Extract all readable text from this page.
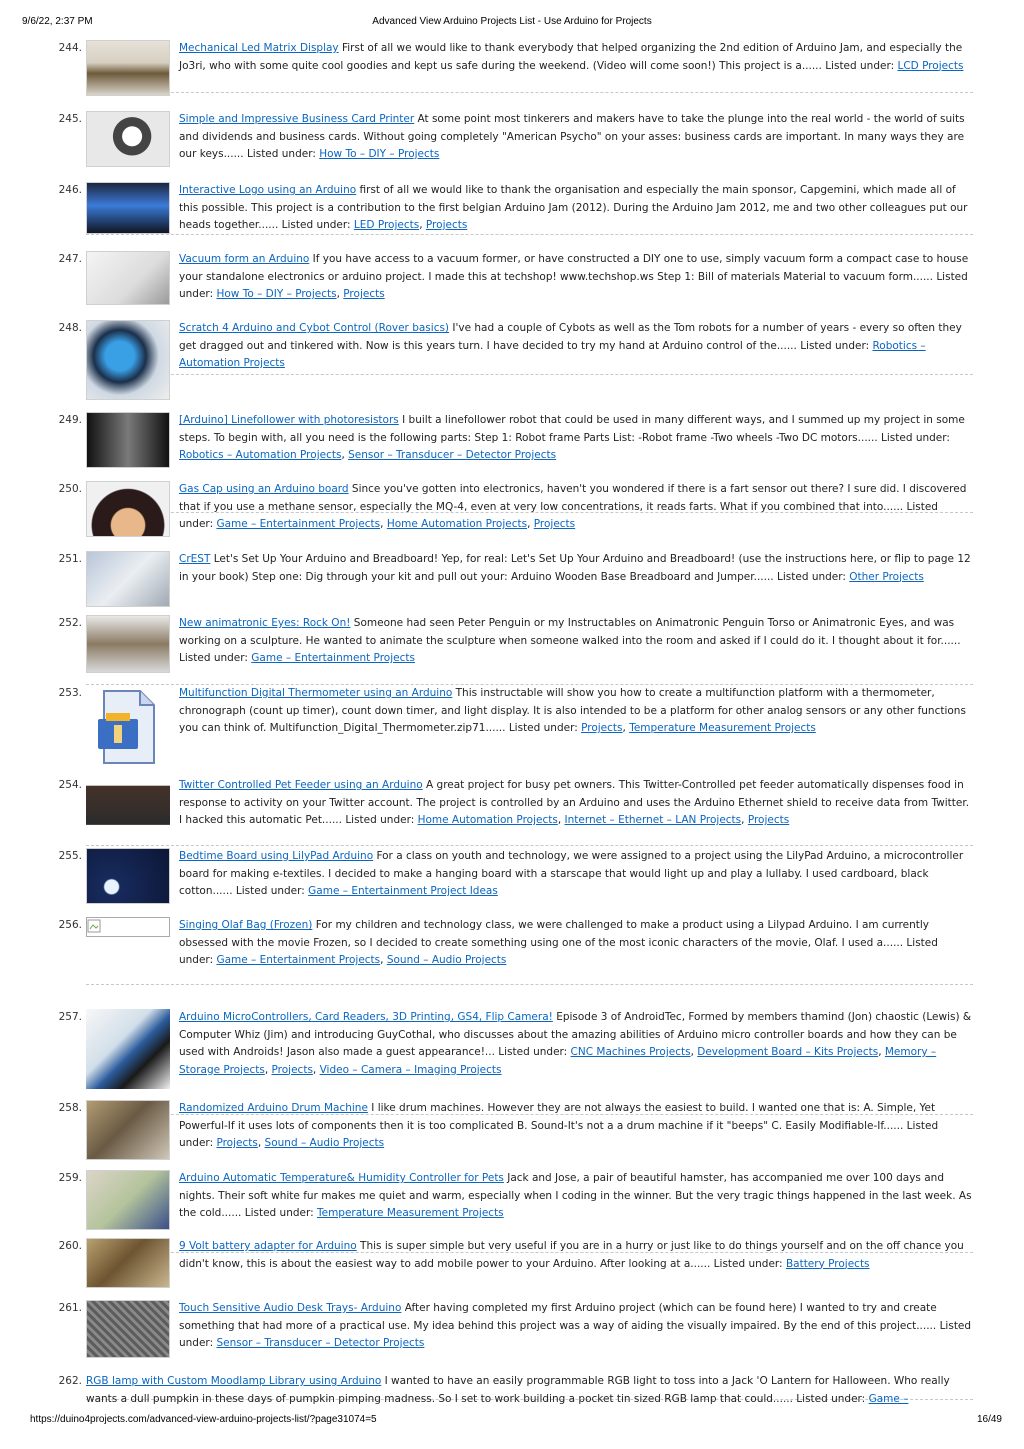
9/6/22, 2:37 PM	Advanced View Arduino Projects List - Use Arduino for Projects
244.	Mechanical Led Matrix Display First of all we would like to thank everybody that helped organizing the 2nd edition of Arduino Jam, and especially the Jo3ri, who with some quite cool goodies and kept us safe during the weekend. (Video will come soon!) This project is a...... Listed under: LCD Projects
245.	Simple and Impressive Business Card Printer At some point most tinkerers and makers have to take the plunge into the real world - the world of suits and dividends and business cards. Without going completely "American Psycho" on your asses: business cards are important. In many ways they are our keys...... Listed under: How To – DIY – Projects
246.	Interactive Logo using an Arduino first of all we would like to thank the organisation and especially the main sponsor, Capgemini, which made all of this possible. This project is a contribution to the first belgian Arduino Jam (2012). During the Arduino Jam 2012, me and two other colleagues put our heads together...... Listed under: LED Projects, Projects
247.	Vacuum form an Arduino If you have access to a vacuum former, or have constructed a DIY one to use, simply vacuum form a compact case to house your standalone electronics or arduino project. I made this at techshop! www.techshop.ws Step 1: Bill of materials Material to vacuum form...... Listed under: How To – DIY – Projects, Projects
248.	Scratch 4 Arduino and Cybot Control (Rover basics) I've had a couple of Cybots as well as the Tom robots for a number of years - every so often they get dragged out and tinkered with. Now is this years turn. I have decided to try my hand at Arduino control of the...... Listed under: Robotics – Automation Projects
249.	[Arduino] Linefollower with photoresistors I built a linefollower robot that could be used in many different ways, and I summed up my project in some steps. To begin with, all you need is the following parts: Step 1: Robot frame Parts List: -Robot frame -Two wheels -Two DC motors...... Listed under: Robotics – Automation Projects, Sensor – Transducer – Detector Projects
250.	Gas Cap using an Arduino board Since you've gotten into electronics, haven't you wondered if there is a fart sensor out there? I sure did. I discovered that if you use a methane sensor, especially the MQ-4, even at very low concentrations, it reads farts. What if you combined that into...... Listed under: Game – Entertainment Projects, Home Automation Projects, Projects
251.	CrEST Let's Set Up Your Arduino and Breadboard! Yep, for real: Let's Set Up Your Arduino and Breadboard! (use the instructions here, or flip to page 12 in your book) Step one: Dig through your kit and pull out your: Arduino Wooden Base Breadboard and Jumper...... Listed under: Other Projects
252.	New animatronic Eyes: Rock On! Someone had seen Peter Penguin or my Instructables on Animatronic Penguin Torso or Animatronic Eyes, and was working on a sculpture. He wanted to animate the sculpture when someone walked into the room and asked if I could do it. I thought about it for...... Listed under: Game – Entertainment Projects
253.	Multifunction Digital Thermometer using an Arduino This instructable will show you how to create a multifunction platform with a thermometer, chronograph (count up timer), count down timer, and light display. It is also intended to be a platform for other analog sensors or any other functions you can think of. Multifunction_Digital_Thermometer.zip71...... Listed under: Projects, Temperature Measurement Projects
254.	Twitter Controlled Pet Feeder using an Arduino A great project for busy pet owners. This Twitter-Controlled pet feeder automatically dispenses food in response to activity on your Twitter account. The project is controlled by an Arduino and uses the Arduino Ethernet shield to receive data from Twitter. I hacked this automatic Pet...... Listed under: Home Automation Projects, Internet – Ethernet – LAN Projects, Projects
255.	Bedtime Board using LilyPad Arduino For a class on youth and technology, we were assigned to a project using the LilyPad Arduino, a microcontroller board for making e-textiles. I decided to make a hanging board with a starscape that would light up and play a lullaby. I used cardboard, black cotton...... Listed under: Game – Entertainment Project Ideas
256.	Singing Olaf Bag (Frozen) For my children and technology class, we were challenged to make a product using a Lilypad Arduino. I am currently obsessed with the movie Frozen, so I decided to create something using one of the most iconic characters of the movie, Olaf. I used a...... Listed under: Game – Entertainment Projects, Sound – Audio Projects
257.	Arduino MicroControllers, Card Readers, 3D Printing, GS4, Flip Camera! Episode 3 of AndroidTec, Formed by members thamind (Jon) chaostic (Lewis) & Computer Whiz (Jim) and introducing GuyCothal, who discusses about the amazing abilities of Arduino micro controller boards and how they can be used with Androids! Jason also made a guest appearance!... Listed under: CNC Machines Projects, Development Board – Kits Projects, Memory – Storage Projects, Projects, Video – Camera – Imaging Projects
258.	Randomized Arduino Drum Machine I like drum machines. However they are not always the easiest to build. I wanted one that is: A. Simple, Yet Powerful-If it uses lots of components then it is too complicated B. Sound-It's not a a drum machine if it "beeps" C. Easily Modifiable-If...... Listed under: Projects, Sound – Audio Projects
259.	Arduino Automatic Temperature& Humidity Controller for Pets Jack and Jose, a pair of beautiful hamster, has accompanied me over 100 days and nights. Their soft white fur makes me quiet and warm, especially when I coding in the winner. But the very tragic things happened in the last week. As the cold...... Listed under: Temperature Measurement Projects
260.	9 Volt battery adapter for Arduino This is super simple but very useful if you are in a hurry or just like to do things yourself and on the off chance you didn't know, this is about the easiest way to add mobile power to your Arduino. After looking at a...... Listed under: Battery Projects
261.	Touch Sensitive Audio Desk Trays- Arduino After having completed my first Arduino project (which can be found here) I wanted to try and create something that had more of a practical use. My idea behind this project was a way of aiding the visually impaired. By the end of this project...... Listed under: Sensor – Transducer – Detector Projects
262. RGB lamp with Custom Moodlamp Library using Arduino I wanted to have an easily programmable RGB light to toss into a Jack 'O Lantern for Halloween. Who really wants a dull pumpkin in these days of pumpkin pimping madness. So I set to work building a pocket tin sized RGB lamp that could...... Listed under: Game –
https://duino4projects.com/advanced-view-arduino-projects-list/?page31074=5	16/49
